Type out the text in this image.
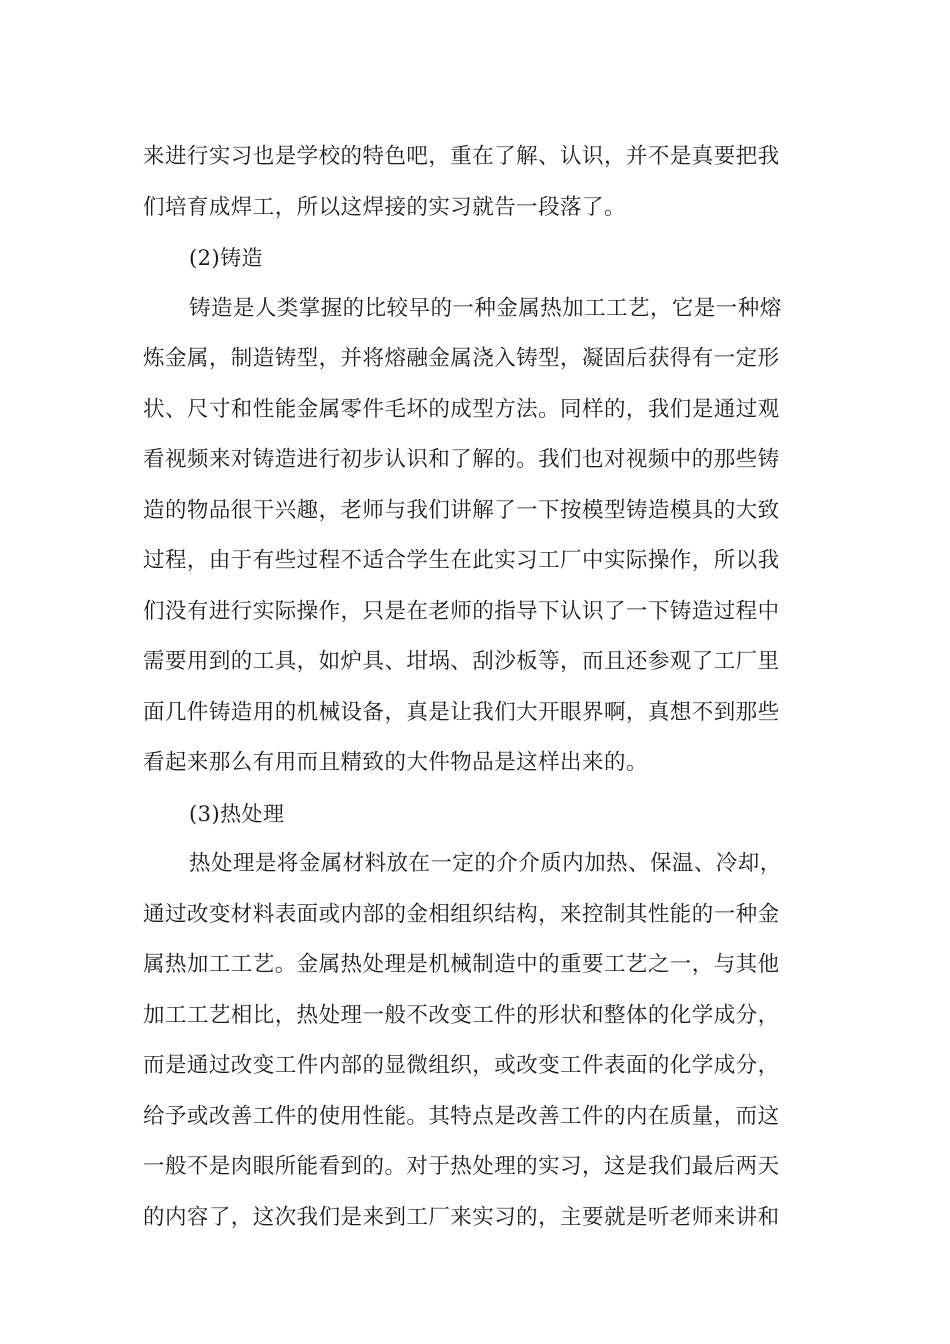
来进行实习也是学校的特色吧，重在了解、认识，并不是真要把我
们培育成焊工，所以这焊接的实习就告一段落了。
(2)铸造
铸造是人类掌握的比较早的一种金属热加工工艺，它是一种熔
炼金属，制造铸型，并将熔融金属浇入铸型，凝固后获得有一定形
状、尺寸和性能金属零件毛坏的成型方法。同样的，我们是通过观
看视频来对铸造进行初步认识和了解的。我们也对视频中的那些铸
造的物品很干兴趣，老师与我们讲解了一下按模型铸造模具的大致
过程，由于有些过程不适合学生在此实习工厂中实际操作，所以我
们没有进行实际操作，只是在老师的指导下认识了一下铸造过程中
需要用到的工具，如炉具、坩埚、刮沙板等，而且还参观了工厂里
面几件铸造用的机械设备，真是让我们大开眼界啊，真想不到那些
看起来那么有用而且精致的大件物品是这样出来的。
(3)热处理
热处理是将金属材料放在一定的介介质内加热、保温、冷却，
通过改变材料表面或内部的金相组织结构，来控制其性能的一种金
属热加工工艺。金属热处理是机械制造中的重要工艺之一，与其他
加工工艺相比，热处理一般不改变工件的形状和整体的化学成分，
而是通过改变工件内部的显微组织，或改变工件表面的化学成分，
给予或改善工件的使用性能。其特点是改善工件的内在质量，而这
一般不是肉眼所能看到的。对于热处理的实习，这是我们最后两天
的内容了，这次我们是来到工厂来实习的，主要就是听老师来讲和
